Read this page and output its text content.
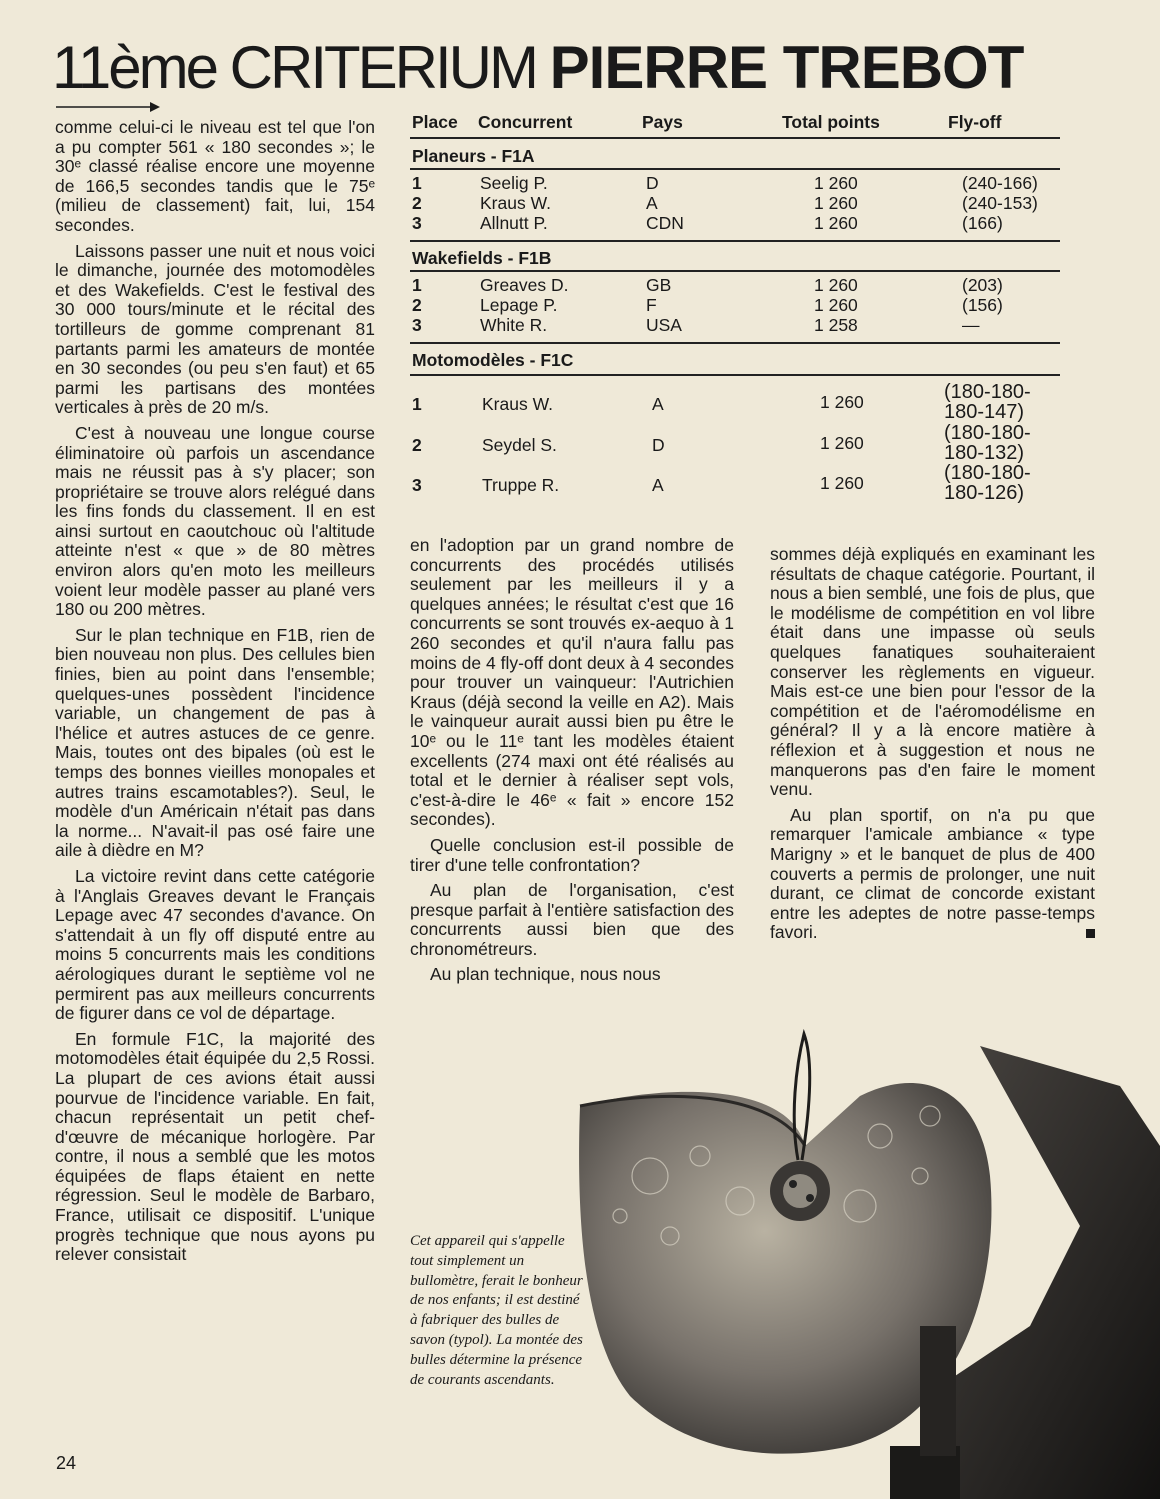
11ème CRITERIUM PIERRE TREBOT
Place Concurrent	Pays	Total points	Fly-off
Planeurs - F1A
1	Seelig P.	D	1 260	(240-166)
2	Kraus W.	A	1 260	(240-153)
3	Allnutt P.	CDN	1 260	(166)
Wakefields - F1B
1	Greaves D.	GB	1 260	(203)
2	Lepage P.	F	1 260	(156)
3	White R.	USA	1 258	—
Motomodèles - F1C
1	Kraus W.	A	1 260	(180-180-
180-147)
2	Seydel S.	D	1 260	(180-180-
180-132)
3	Truppe R.	A	1 260	(180-180-
180-126)

comme celui-ci le niveau est tel que l'on a pu compter 561 « 180 secondes »; le 30ᵉ classé réalise encore une moyenne de 166,5 secondes tandis que le 75ᵉ (milieu de classement) fait, lui, 154 secondes.

Laissons passer une nuit et nous voici le dimanche, journée des motomodèles et des Wakefields. C'est le festival des 30 000 tours/minute et le récital des tortilleurs de gomme comprenant 81 partants parmi les amateurs de montée en 30 secondes (ou peu s'en faut) et 65 parmi les partisans des montées verticales à près de 20 m/s.

C'est à nouveau une longue course éliminatoire où parfois un ascendance mais ne réussit pas à s'y placer; son propriétaire se trouve alors relégué dans les fins fonds du classement. Il en est ainsi surtout en caoutchouc où l'altitude atteinte n'est « que » de 80 mètres environ alors qu'en moto les meilleurs voient leur modèle passer au plané vers 180 ou 200 mètres.

Sur le plan technique en F1B, rien de bien nouveau non plus. Des cellules bien finies, bien au point dans l'ensemble; quelques-unes possèdent l'incidence variable, un changement de pas à l'hélice et autres astuces de ce genre. Mais, toutes ont des bipales (où est le temps des bonnes vieilles monopales et autres trains escamotables?). Seul, le modèle d'un Américain n'était pas dans la norme... N'avait-il pas osé faire une aile à dièdre en M?

La victoire revint dans cette catégorie à l'Anglais Greaves devant le Français Lepage avec 47 secondes d'avance. On s'attendait à un fly off disputé entre au moins 5 concurrents mais les conditions aérologiques durant le septième vol ne permirent pas aux meilleurs concurrents de figurer dans ce vol de départage.

En formule F1C, la majorité des motomodèles était équipée du 2,5 Rossi. La plupart de ces avions était aussi pourvue de l'incidence variable. En fait, chacun représentait un petit chef-d'œuvre de mécanique horlogère. Par contre, il nous a semblé que les motos équipées de flaps étaient en nette régression. Seul le modèle de Barbaro, France, utilisait ce dispositif. L'unique progrès technique que nous ayons pu relever consistait

en l'adoption par un grand nombre de concurrents des procédés utilisés seulement par les meilleurs il y a quelques années; le résultat c'est que 16 concurrents se sont trouvés ex-aequo à 1 260 secondes et qu'il n'aura fallu pas moins de 4 fly-off dont deux à 4 secondes pour trouver un vainqueur: l'Autrichien Kraus (déjà second la veille en A2). Mais le vainqueur aurait aussi bien pu être le 10ᵉ ou le 11ᵉ tant les modèles étaient excellents (274 maxi ont été réalisés au total et le dernier à réaliser sept vols, c'est-à-dire le 46ᵉ « fait » encore 152 secondes).

Quelle conclusion est-il possible de tirer d'une telle confrontation?

Au plan de l'organisation, c'est presque parfait à l'entière satisfaction des concurrents aussi bien que des chronométreurs.

Au plan technique, nous nous

sommes déjà expliqués en examinant les résultats de chaque catégorie. Pourtant, il nous a bien semblé, une fois de plus, que le modélisme de compétition en vol libre était dans une impasse où seuls quelques fanatiques souhaiteraient conserver les règlements en vigueur. Mais est-ce une bien pour l'essor de la compétition et de l'aéromodélisme en général? Il y a là encore matière à réflexion et à suggestion et nous ne manquerons pas d'en faire le moment venu.

Au plan sportif, on n'a pu que remarquer l'amicale ambiance « type Marigny » et le banquet de plus de 400 couverts a permis de prolonger, une nuit durant, ce climat de concorde existant entre les adeptes de notre passe-temps favori.

Cet appareil qui s'appelle tout simplement un bullomètre, ferait le bonheur de nos enfants; il est destiné à fabriquer des bulles de savon (typol). La montée des bulles détermine la présence de courants ascendants.
24
